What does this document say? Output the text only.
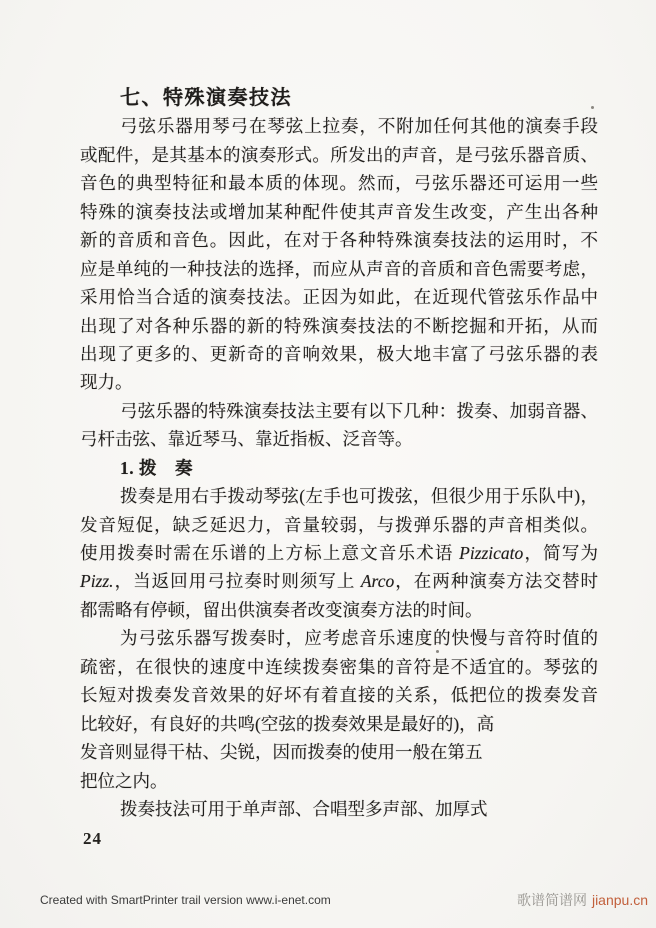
七、特殊演奏技法
弓弦乐器用琴弓在琴弦上拉奏，不附加任何其他的演奏手段
或配件，是其基本的演奏形式。所发出的声音，是弓弦乐器音质、
音色的典型特征和最本质的体现。然而，弓弦乐器还可运用一些
特殊的演奏技法或增加某种配件使其声音发生改变，产生出各种
新的音质和音色。因此，在对于各种特殊演奏技法的运用时，不
应是单纯的一种技法的选择，而应从声音的音质和音色需要考虑，
采用恰当合适的演奏技法。正因为如此，在近现代管弦乐作品中
出现了对各种乐器的新的特殊演奏技法的不断挖掘和开拓，从而
出现了更多的、更新奇的音响效果，极大地丰富了弓弦乐器的表
现力。
弓弦乐器的特殊演奏技法主要有以下几种：拨奏、加弱音器、
弓杆击弦、靠近琴马、靠近指板、泛音等。
1. 拨　奏
拨奏是用右手拨动琴弦(左手也可拨弦，但很少用于乐队中)，
发音短促，缺乏延迟力，音量较弱，与拨弹乐器的声音相类似。
使用拨奏时需在乐谱的上方标上意文音乐术语 Pizzicato，简写为
Pizz.，当返回用弓拉奏时则须写上 Arco，在两种演奏方法交替时
都需略有停顿，留出供演奏者改变演奏方法的时间。
为弓弦乐器写拨奏时，应考虑音乐速度的快慢与音符时值的
疏密，在很快的速度中连续拨奏密集的音符是不适宜的。琴弦的
长短对拨奏发音效果的好坏有着直接的关系，低把位的拨奏发音
比较好，有良好的共鸣(空弦的拨奏效果是最好的)，高
发音则显得干枯、尖锐，因而拨奏的使用一般在第五
把位之内。
拨奏技法可用于单声部、合唱型多声部、加厚式
24
Created with SmartPrinter trail version www.i-enet.com	歌谱简谱网 jianpu.cn
